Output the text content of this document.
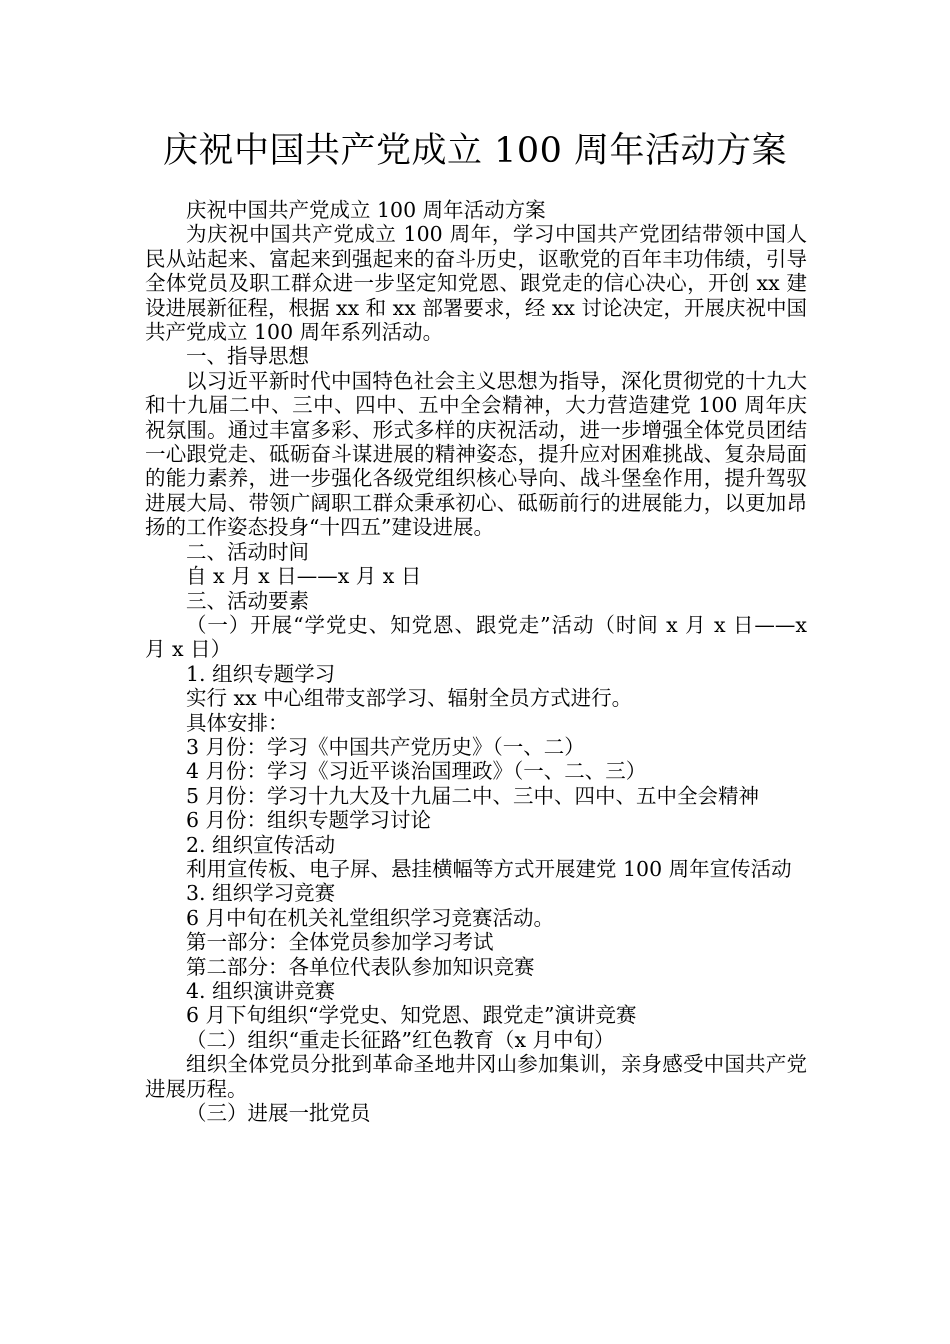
庆祝中国共产党成立 100 周年活动方案

庆祝中国共产党成立 100 周年活动方案

为庆祝中国共产党成立 100 周年，学习中国共产党团结带领中国人民从站起来、富起来到强起来的奋斗历史，讴歌党的百年丰功伟绩，引导全体党员及职工群众进一步坚定知党恩、跟党走的信心决心，开创 xx 建设进展新征程，根据 xx 和 xx 部署要求，经 xx 讨论决定，开展庆祝中国共产党成立 100 周年系列活动。

一、指导思想

以习近平新时代中国特色社会主义思想为指导，深化贯彻党的十九大和十九届二中、三中、四中、五中全会精神，大力营造建党 100 周年庆祝氛围。通过丰富多彩、形式多样的庆祝活动，进一步增强全体党员团结一心跟党走、砥砺奋斗谋进展的精神姿态，提升应对困难挑战、复杂局面的能力素养，进一步强化各级党组织核心导向、战斗堡垒作用，提升驾驭进展大局、带领广阔职工群众秉承初心、砥砺前行的进展能力，以更加昂扬的工作姿态投身“十四五”建设进展。

二、活动时间

自 x 月 x 日——x 月 x 日

三、活动要素

（一）开展“学党史、知党恩、跟党走”活动（时间 x 月 x 日——x 月 x 日）

1. 组织专题学习

实行 xx 中心组带支部学习、辐射全员方式进行。

具体安排：

3 月份：学习《中国共产党历史》（一、二）

4 月份：学习《习近平谈治国理政》（一、二、三）

5 月份：学习十九大及十九届二中、三中、四中、五中全会精神

6 月份：组织专题学习讨论

2. 组织宣传活动

利用宣传板、电子屏、悬挂横幅等方式开展建党 100 周年宣传活动

3. 组织学习竞赛

6 月中旬在机关礼堂组织学习竞赛活动。

第一部分：全体党员参加学习考试

第二部分：各单位代表队参加知识竞赛

4. 组织演讲竞赛

6 月下旬组织“学党史、知党恩、跟党走”演讲竞赛

（二）组织“重走长征路”红色教育（x 月中旬）

组织全体党员分批到革命圣地井冈山参加集训，亲身感受中国共产党进展历程。

（三）进展一批党员
